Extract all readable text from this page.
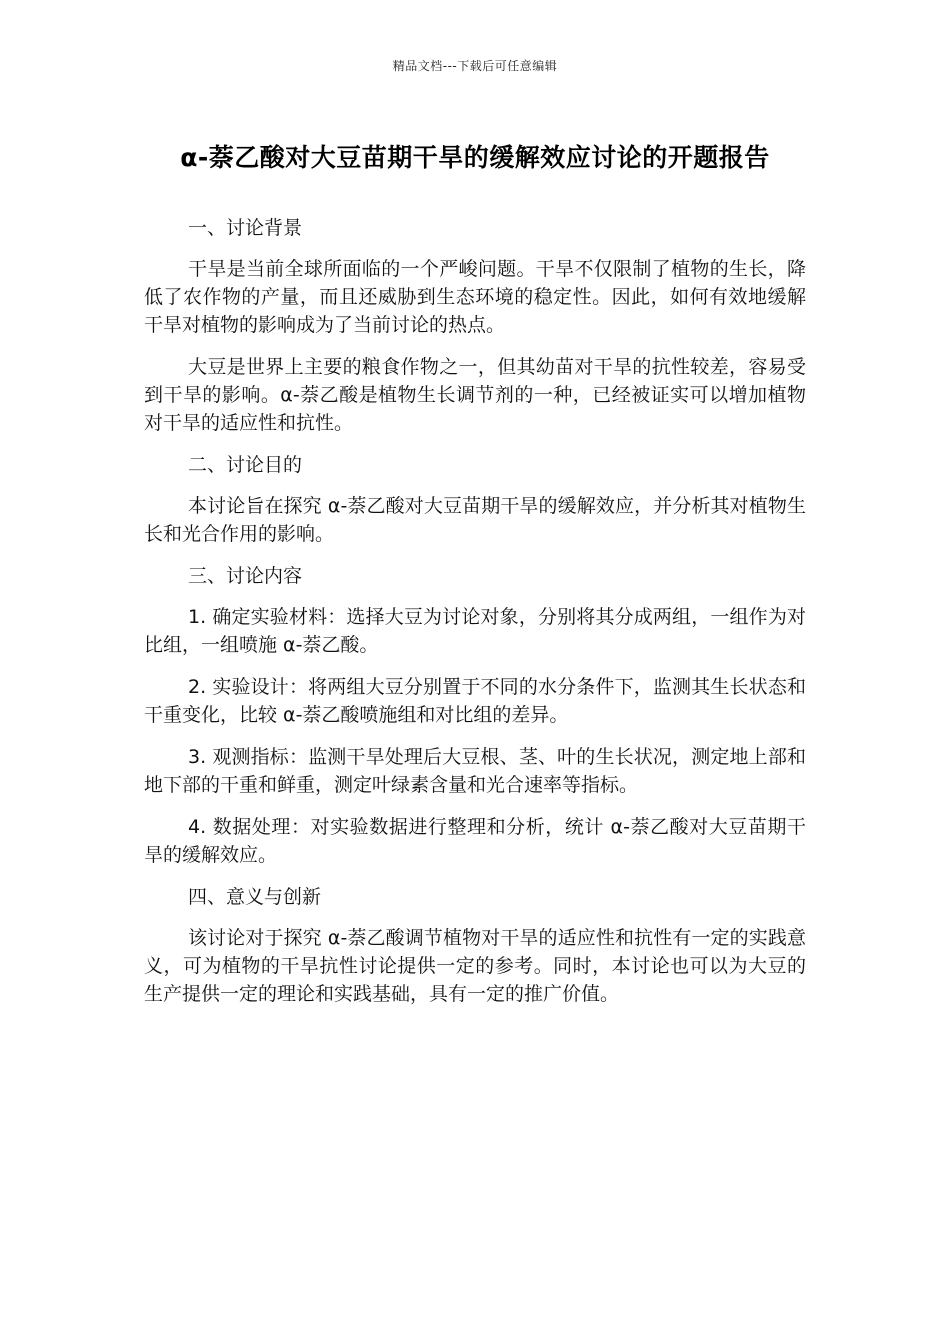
精品文档---下载后可任意编辑
α-萘乙酸对大豆苗期干旱的缓解效应讨论的开题报告

一、讨论背景

干旱是当前全球所面临的一个严峻问题。干旱不仅限制了植物的生长，降低了农作物的产量，而且还威胁到生态环境的稳定性。因此，如何有效地缓解干旱对植物的影响成为了当前讨论的热点。

大豆是世界上主要的粮食作物之一，但其幼苗对干旱的抗性较差，容易受到干旱的影响。α-萘乙酸是植物生长调节剂的一种，已经被证实可以增加植物对干旱的适应性和抗性。

二、讨论目的

本讨论旨在探究 α-萘乙酸对大豆苗期干旱的缓解效应，并分析其对植物生长和光合作用的影响。

三、讨论内容

1. 确定实验材料：选择大豆为讨论对象，分别将其分成两组，一组作为对比组，一组喷施 α-萘乙酸。

2. 实验设计：将两组大豆分别置于不同的水分条件下，监测其生长状态和干重变化，比较 α-萘乙酸喷施组和对比组的差异。

3. 观测指标：监测干旱处理后大豆根、茎、叶的生长状况，测定地上部和地下部的干重和鲜重，测定叶绿素含量和光合速率等指标。

4. 数据处理：对实验数据进行整理和分析，统计 α-萘乙酸对大豆苗期干旱的缓解效应。

四、意义与创新

该讨论对于探究 α-萘乙酸调节植物对干旱的适应性和抗性有一定的实践意义，可为植物的干旱抗性讨论提供一定的参考。同时，本讨论也可以为大豆的生产提供一定的理论和实践基础，具有一定的推广价值。
